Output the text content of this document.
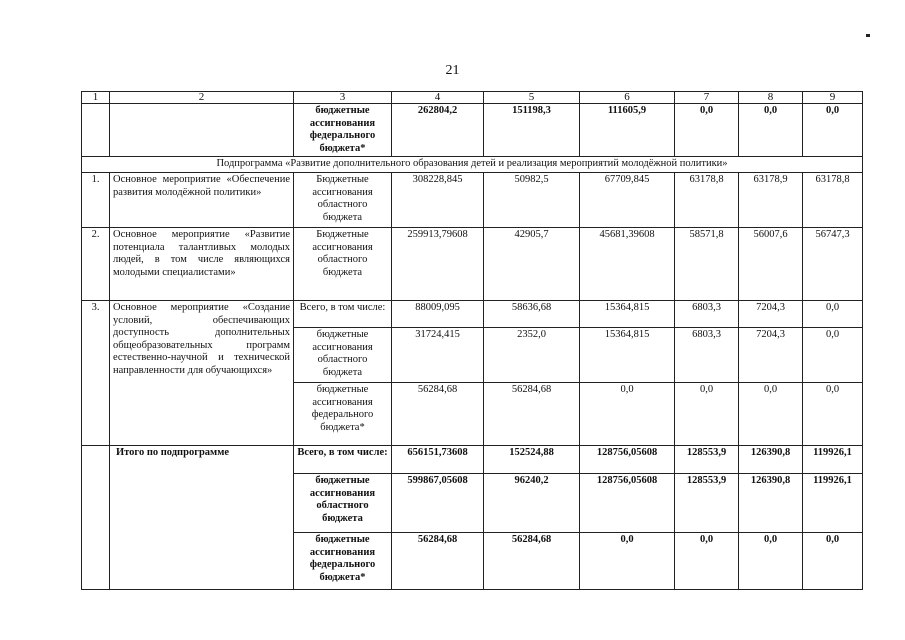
21
1	2	3	4	5	6	7	8	9
		бюджетные ассигнования федерального бюджета*	262804,2	151198,3	111605,9	0,0	0,0	0,0
Подпрограмма «Развитие дополнительного образования детей и реализация мероприятий молодёжной политики»								
1.	Основное мероприятие «Обеспечение развития молодёжной политики»	Бюджетные ассигнования областного бюджета	308228,845	50982,5	67709,845	63178,8	63178,9	63178,8
2.	Основное мероприятие «Развитие потенциала талантливых молодых людей, в том числе являющихся молодыми специалистами»	Бюджетные ассигнования областного бюджета	259913,79608	42905,7	45681,39608	58571,8	56007,6	56747,3
3.	Основное мероприятие «Создание условий, обеспечивающих доступность дополнительных общеобразовательных программ естественно-научной и технической направленности для обучающихся»	Всего, в том числе:	88009,095	58636,68	15364,815	6803,3	7204,3	0,0
		бюджетные ассигнования областного бюджета	31724,415	2352,0	15364,815	6803,3	7204,3	0,0
		бюджетные ассигнования федерального бюджета*	56284,68	56284,68	0,0	0,0	0,0	0,0
	Итого по подпрограмме	Всего, в том числе:	656151,73608	152524,88	128756,05608	128553,9	126390,8	119926,1
		бюджетные ассигнования областного бюджета	599867,05608	96240,2	128756,05608	128553,9	126390,8	119926,1
		бюджетные ассигнования федерального бюджета*	56284,68	56284,68	0,0	0,0	0,0	0,0
